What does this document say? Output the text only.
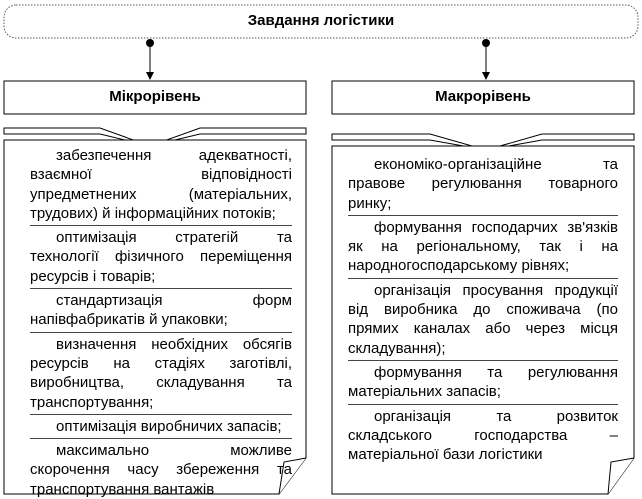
Завдання логістики
Мікрорівень	Макрорівень
забезпечення адекватності, взаємної відповідності упредметнених (матеріальних, трудових) й інформаційних потоків;
оптимізація стратегій та технології фізичного переміщення ресурсів і товарів;
стандартизація форм напівфабрикатів й упаковки;
визначення необхідних обсягів ресурсів на стадіях заготівлі, виробництва, складування та транспортування;
оптимізація виробничих запасів;
максимально можливе скорочення часу збереження та транспортування вантажів
економіко-організаційне та правове регулювання товарного ринку;
формування господарчих зв'язків як на регіональному, так і на народногосподарському рівнях;
організація просування продукції від виробника до споживача (по прямих каналах або через місця складування);
формування та регулювання матеріальних запасів;
організація та розвиток складського господарства – матеріальної бази логістики
